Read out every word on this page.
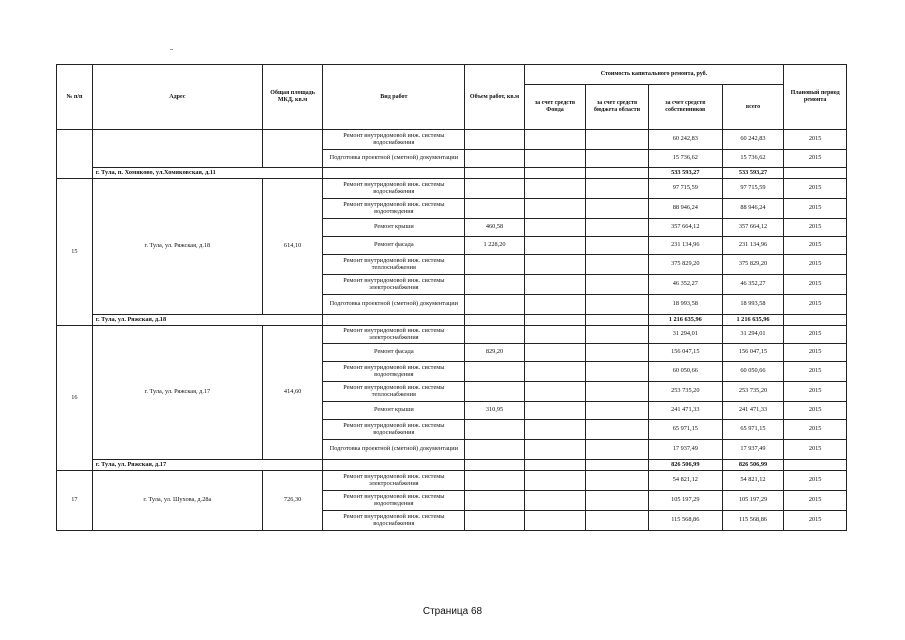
№ п/п	Адрес	Общая площадь МКД, кв.м	Вид работ	Объем работ, кв.м	Стоимость капитального ремонта, руб.				Плановый период ремонта
					за счет средств Фонда	за счет средств бюджета области	за счет средств собственников	всего	
			Ремонт внутридомовой инж. системы водоснабжения				60 242,83	60 242,83	2015
			Подготовка проектной (сметной) документации				15 736,62	15 736,62	2015
	г. Тула, п. Хомяково, ул.Хомяковская, д.11						533 593,27	533 593,27	
15	г. Тула, ул. Ряжская, д.18	614,10	Ремонт внутридомовой инж. системы водоснабжения				97 715,59	97 715,59	2015
			Ремонт внутридомовой инж. системы водоотведения				88 946,24	88 946,24	2015
			Ремонт крыши	460,58			357 664,12	357 664,12	2015
			Ремонт фасада	1 228,20			231 134,96	231 134,96	2015
			Ремонт внутридомовой инж. системы теплоснабжения				375 829,20	375 829,20	2015
			Ремонт внутридомовой инж. системы электроснабжения				46 352,27	46 352,27	2015
			Подготовка проектной (сметной) документации				18 993,58	18 993,58	2015
	г. Тула, ул. Ряжская, д.18						1 216 635,96	1 216 635,96	
16	г. Тула, ул. Ряжская, д.17	414,60	Ремонт внутридомовой инж. системы электроснабжения				31 294,01	31 294,01	2015
			Ремонт фасада	829,20			156 047,15	156 047,15	2015
			Ремонт внутридомовой инж. системы водоотведения				60 050,66	60 050,66	2015
			Ремонт внутридомовой инж. системы теплоснабжения				253 735,20	253 735,20	2015
			Ремонт крыши	310,95			241 471,33	241 471,33	2015
			Ремонт внутридомовой инж. системы водоснабжения				65 971,15	65 971,15	2015
			Подготовка проектной (сметной) документации				17 937,49	17 937,49	2015
	г. Тула, ул. Ряжская, д.17						826 506,99	826 506,99	
17	г. Тула, ул. Шухова, д.28а	726,30	Ремонт внутридомовой инж. системы электроснабжения				54 821,12	54 821,12	2015
			Ремонт внутридомовой инж. системы водоотведения				105 197,29	105 197,29	2015
			Ремонт внутридомовой инж. системы водоснабжения				115 568,86	115 568,86	2015
Страница 68
